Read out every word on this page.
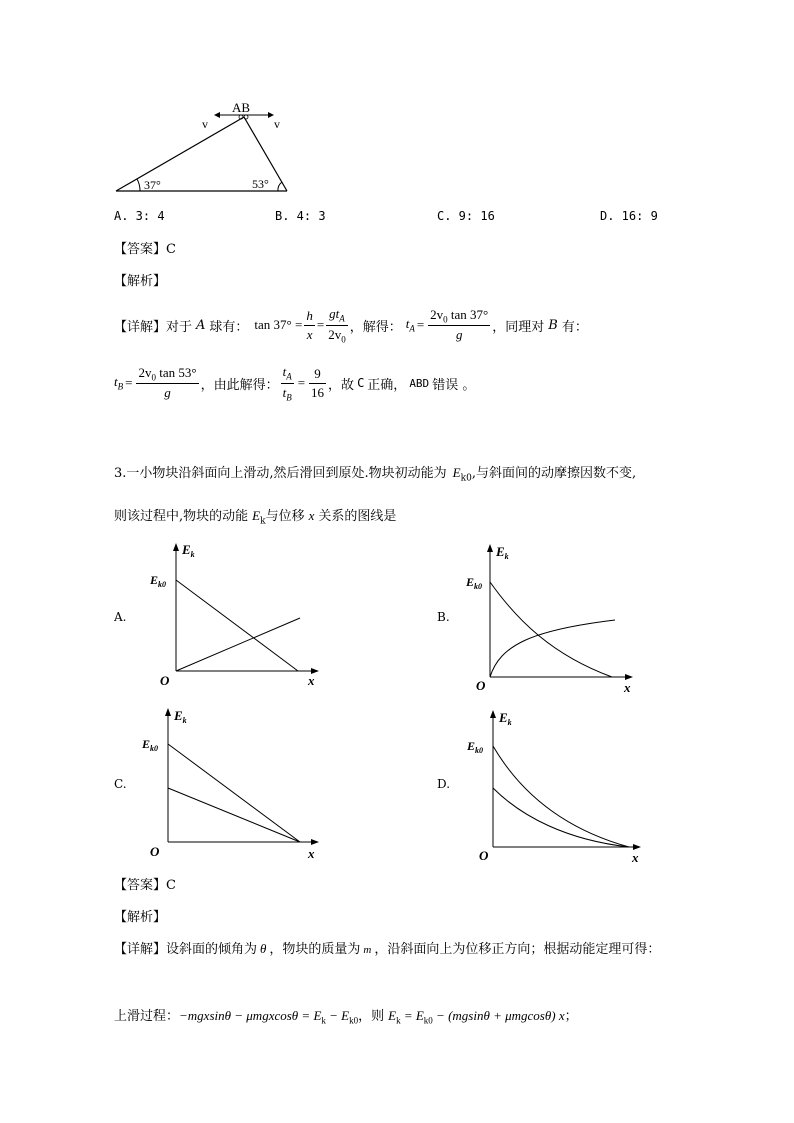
AB
v	v
37°	53°
A. 3: 4	B. 4: 3	C. 9: 16	D. 16: 9
【答案】C
【解析】
【详解】对于 A 球有： $\tan 37^\circ = \frac{h}{x} = \frac{gt_A}{2v_0}$ ，解得： $t_A = \frac{2v_0 \tan 37^\circ}{g}$ ，同理对 B 有：
$t_B = \frac{2v_0 \tan 53^\circ}{g}$ ，由此解得： $\frac{t_A}{t_B} = \frac{9}{16}$ ，故 C 正确， ABD 错误 。
3.一小物块沿斜面向上滑动,然后滑回到原处.物块初动能为 $E_{k0}$,与斜面间的动摩擦因数不变,
则该过程中,物块的动能 $E_k$与位移 x 关系的图线是
A.
$E_k$
$E_{k0}$
O	x
B.
$E_k$
$E_{k0}$
O	x
C.
$E_k$
$E_{k0}$
O	x
D.
$E_k$
$E_{k0}$
O	x
【答案】C
【解析】
【详解】设斜面的倾角为 θ ，物块的质量为 m ，沿斜面向上为位移正方向；根据动能定理可得：
上滑过程：$-mgxsin\theta - \mu mgxcos\theta = E_k - E_{k0}$，则 $E_k = E_{k0} - (mgsin\theta + \mu mgcos\theta)$ x；
